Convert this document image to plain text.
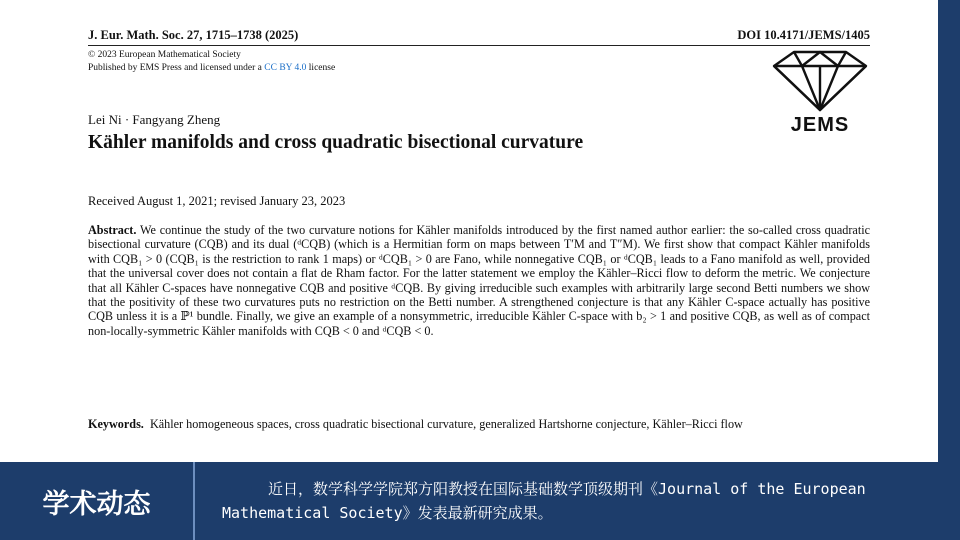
J. Eur. Math. Soc. 27, 1715–1738 (2025)	DOI 10.4171/JEMS/1405
© 2023 European Mathematical Society
Published by EMS Press and licensed under a CC BY 4.0 license
JEMS
Lei Ni · Fangyang Zheng
Kähler manifolds and cross quadratic bisectional curvature
Received August 1, 2021; revised January 23, 2023
Abstract. We continue the study of the two curvature notions for Kähler manifolds introduced by the first named author earlier: the so-called cross quadratic bisectional curvature (CQB) and its dual (ᵈCQB) (which is a Hermitian form on maps between T′M and T″M). We first show that compact Kähler manifolds with CQB₁ > 0 (CQB₁ is the restriction to rank 1 maps) or ᵈCQB₁ > 0 are Fano, while nonnegative CQB₁ or ᵈCQB₁ leads to a Fano manifold as well, provided that the universal cover does not contain a flat de Rham factor. For the latter statement we employ the Kähler–Ricci flow to deform the metric. We conjecture that all Kähler C-spaces have nonnegative CQB and positive ᵈCQB. By giving irreducible such examples with arbitrarily large second Betti numbers we show that the positivity of these two curvatures puts no restriction on the Betti number. A strengthened conjecture is that any Kähler C-space actually has positive CQB unless it is a ℙ¹ bundle. Finally, we give an example of a nonsymmetric, irreducible Kähler C-space with b₂ > 1 and positive CQB, as well as of compact non-locally-symmetric Kähler manifolds with CQB < 0 and ᵈCQB < 0.
Keywords. Kähler homogeneous spaces, cross quadratic bisectional curvature, generalized Hartshorne conjecture, Kähler–Ricci flow
学术动态	近日，数学科学学院郑方阳教授在国际基础数学顶级期刊《Journal of the European Mathematical Society》发表最新研究成果。
